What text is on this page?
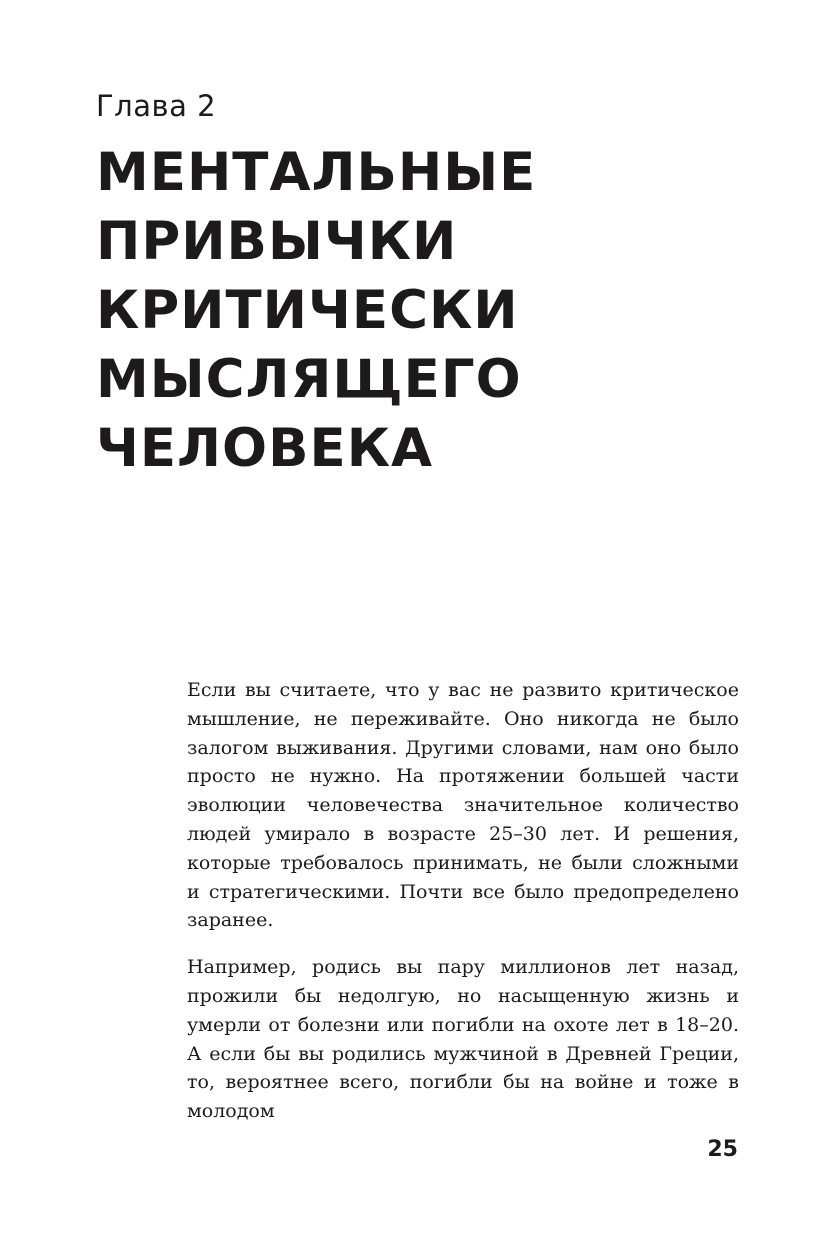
Глава 2
МЕНТАЛЬНЫЕ
ПРИВЫЧКИ
КРИТИЧЕСКИ
МЫСЛЯЩЕГО
ЧЕЛОВЕКА

Если вы считаете, что у вас не развито критическое мышление, не переживайте. Оно никогда не было залогом выживания. Другими словами, нам оно было просто не нужно. На протяжении большей части эволюции человечества значительное количество людей умирало в возрасте 25–30 лет. И решения, которые требовалось принимать, не были сложными и стратегическими. Почти все было предопределено заранее.

Например, родись вы пару миллионов лет назад, прожили бы недолгую, но насыщенную жизнь и умерли от болезни или погибли на охоте лет в 18–20. А если бы вы родились мужчиной в Древней Греции, то, вероятнее всего, погибли бы на войне и тоже в молодом

25
